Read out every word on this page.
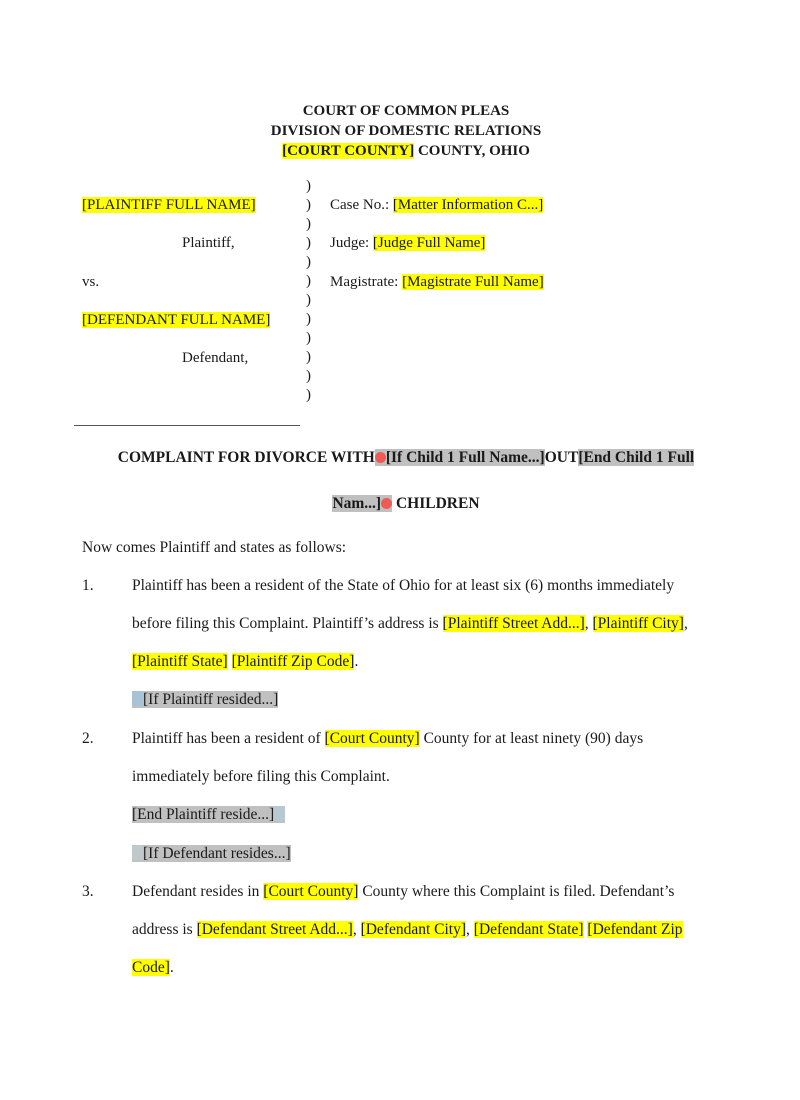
COURT OF COMMON PLEAS
DIVISION OF DOMESTIC RELATIONS
[COURT COUNTY] COUNTY, OHIO
[PLAINTIFF FULL NAME]
Plaintiff,
vs.
[DEFENDANT FULL NAME]
Defendant,
)
)
)
)
)
)
)
)
)
)
)
)
Case No.: [Matter Information C...]
Judge: [Judge Full Name]
Magistrate: [Magistrate Full Name]
COMPLAINT FOR DIVORCE WITH [If Child 1 Full Name...]OUT[End Child 1 Full
Nam...] CHILDREN
Now comes Plaintiff and states as follows:
1. Plaintiff has been a resident of the State of Ohio for at least six (6) months immediately
before filing this Complaint. Plaintiff’s address is [Plaintiff Street Add...], [Plaintiff City],
[Plaintiff State] [Plaintiff Zip Code].
[If Plaintiff resided...]
2. Plaintiff has been a resident of [Court County] County for at least ninety (90) days
immediately before filing this Complaint.
[End Plaintiff reside...]
[If Defendant resides...]
3. Defendant resides in [Court County] County where this Complaint is filed. Defendant’s
address is [Defendant Street Add...], [Defendant City], [Defendant State] [Defendant Zip
Code].
